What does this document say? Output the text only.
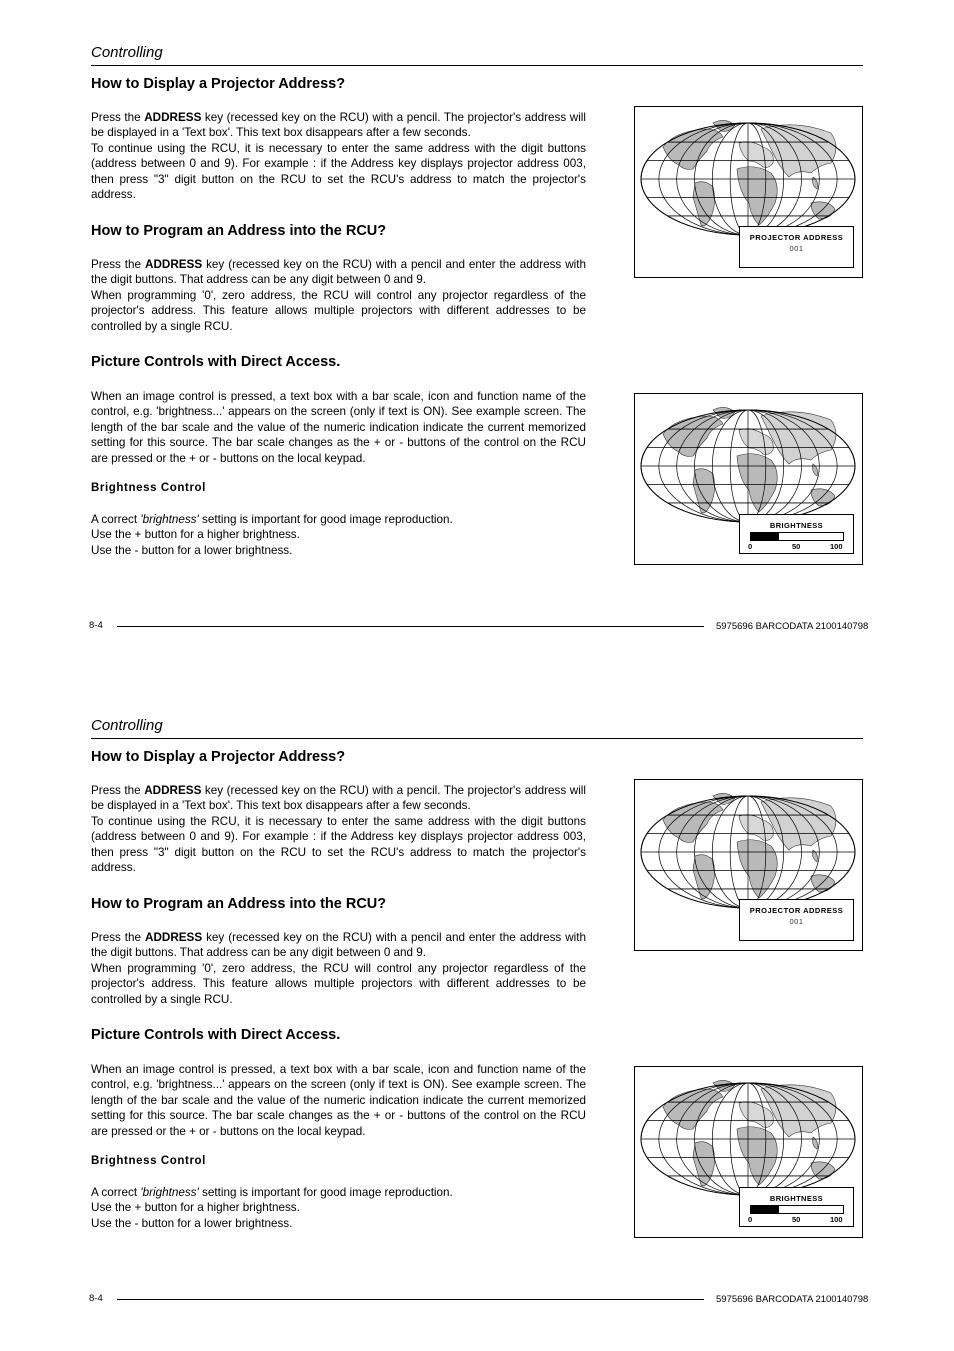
Controlling
How to Display a Projector Address?

Press the ADDRESS key (recessed key on the RCU) with a pencil. The projector's address will be displayed in a 'Text box'. This text box disappears after a few seconds.
To continue using the RCU, it is necessary to enter the same address with the digit buttons (address between 0 and 9). For example : if the Address key displays projector address 003, then press "3" digit button on the RCU to set the RCU's address to match the projector's address.

How to Program an Address into the RCU?

Press the ADDRESS key (recessed key on the RCU) with a pencil and enter the address with the digit buttons. That address can be any digit between 0 and 9.
When programming '0', zero address, the RCU will control any projector regardless of the projector's address. This feature allows multiple projectors with different addresses to be controlled by a single RCU.

Picture Controls with Direct Access.

When an image control is pressed, a text box with a bar scale, icon and function name of the control, e.g. 'brightness...' appears on the screen (only if text is ON). See example screen. The length of the bar scale and the value of the numeric indication indicate the current memorized setting for this source. The bar scale changes as the + or - buttons of the control on the RCU are pressed or the + or - buttons on the local keypad.

Brightness Control

A correct 'brightness' setting is important for good image reproduction.
Use the + button for a higher brightness.
Use the - button for a lower brightness.

PROJECTOR ADDRESS
001
BRIGHTNESS
0	50	100
8-4	5975696 BARCODATA 2100140798
Controlling
How to Display a Projector Address?

Press the ADDRESS key (recessed key on the RCU) with a pencil. The projector's address will be displayed in a 'Text box'. This text box disappears after a few seconds.
To continue using the RCU, it is necessary to enter the same address with the digit buttons (address between 0 and 9). For example : if the Address key displays projector address 003, then press "3" digit button on the RCU to set the RCU's address to match the projector's address.

How to Program an Address into the RCU?

Press the ADDRESS key (recessed key on the RCU) with a pencil and enter the address with the digit buttons. That address can be any digit between 0 and 9.
When programming '0', zero address, the RCU will control any projector regardless of the projector's address. This feature allows multiple projectors with different addresses to be controlled by a single RCU.

Picture Controls with Direct Access.

When an image control is pressed, a text box with a bar scale, icon and function name of the control, e.g. 'brightness...' appears on the screen (only if text is ON). See example screen. The length of the bar scale and the value of the numeric indication indicate the current memorized setting for this source. The bar scale changes as the + or - buttons of the control on the RCU are pressed or the + or - buttons on the local keypad.

Brightness Control

A correct 'brightness' setting is important for good image reproduction.
Use the + button for a higher brightness.
Use the - button for a lower brightness.

PROJECTOR ADDRESS
001
BRIGHTNESS
0	50	100
8-4	5975696 BARCODATA 2100140798
